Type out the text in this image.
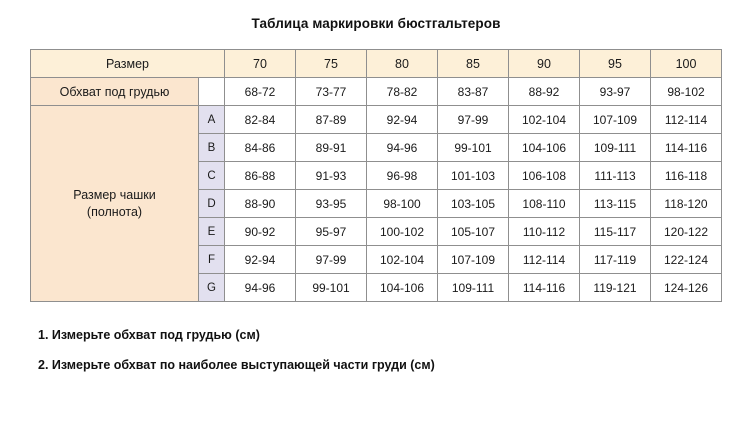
Таблица маркировки бюстгальтеров
Размер		70	75	80	85	90	95	100
Обхват под грудью		68-72	73-77	78-82	83-87	88-92	93-97	98-102
Размер чашки
(полнота)	A	82-84	87-89	92-94	97-99	102-104	107-109	112-114
	B	84-86	89-91	94-96	99-101	104-106	109-111	114-116
	C	86-88	91-93	96-98	101-103	106-108	111-113	116-118
	D	88-90	93-95	98-100	103-105	108-110	113-115	118-120
	E	90-92	95-97	100-102	105-107	110-112	115-117	120-122
	F	92-94	97-99	102-104	107-109	112-114	117-119	122-124
	G	94-96	99-101	104-106	109-111	114-116	119-121	124-126
1. Измерьте обхват под грудью (см)
2. Измерьте обхват по наиболее выступающей части груди (см)
